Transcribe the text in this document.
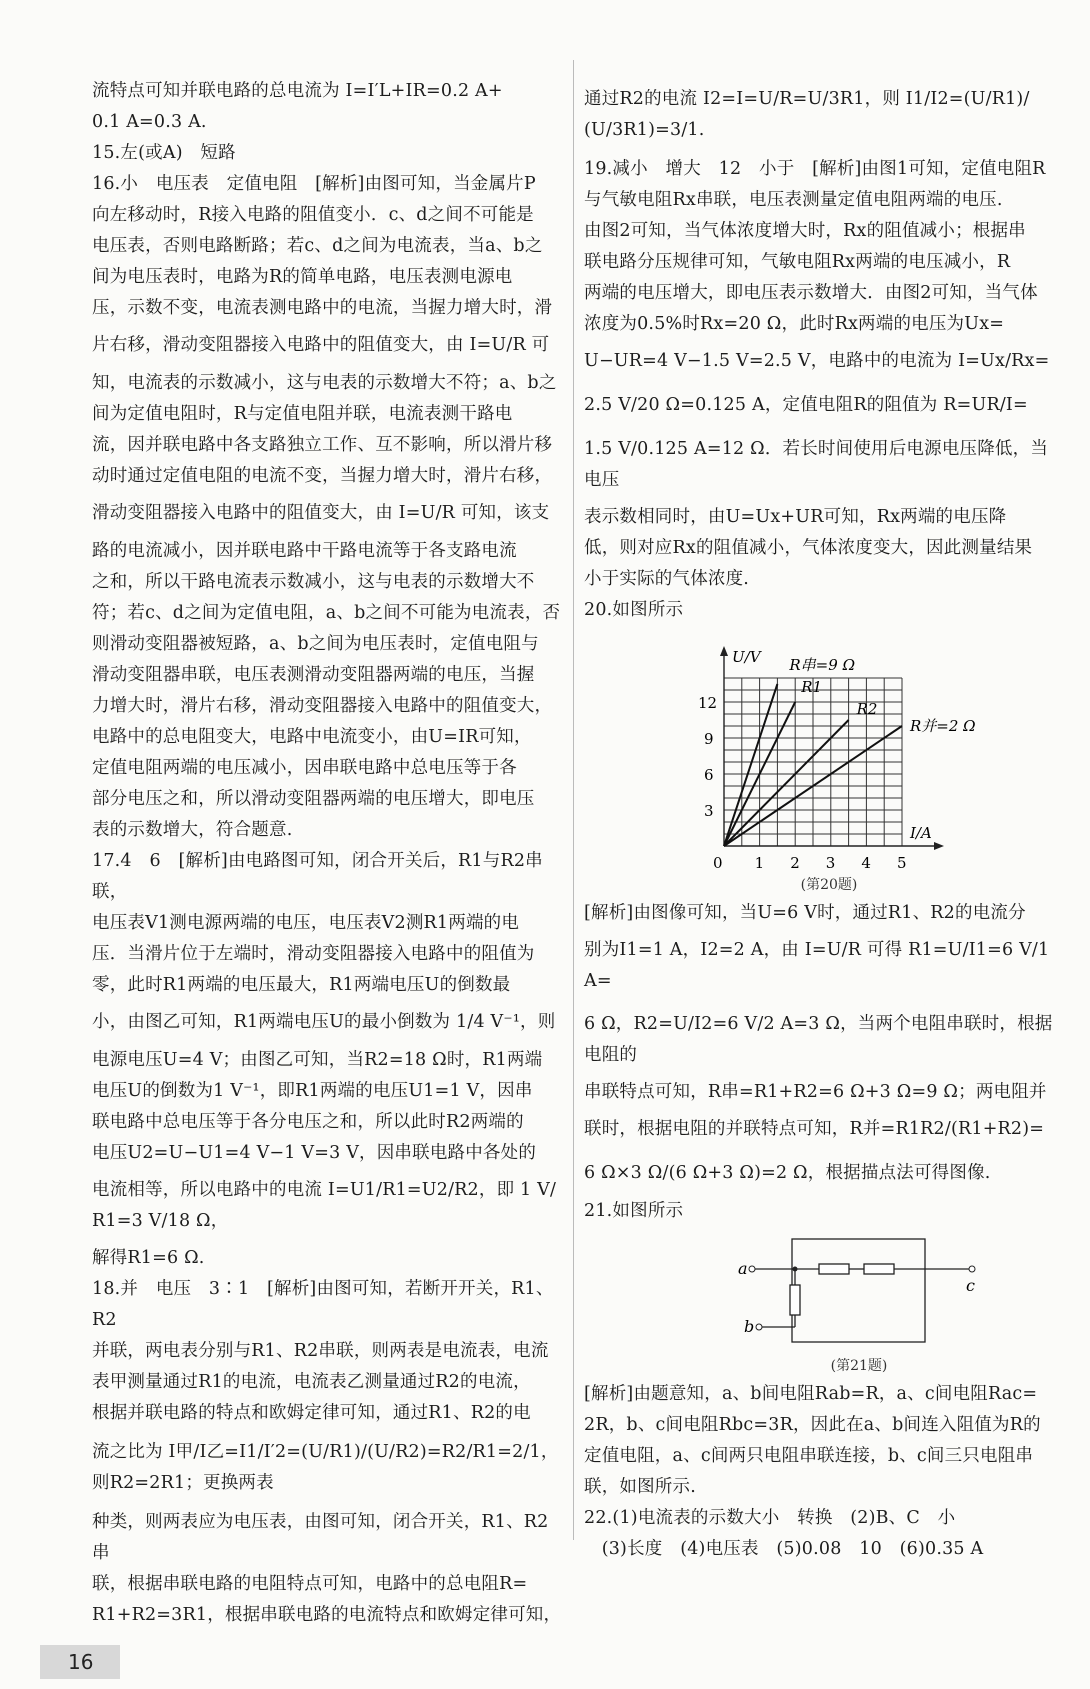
流特点可知并联电路的总电流为 I=I′L+IR=0.2 A+
0.1 A=0.3 A.
15.左(或A)　短路
16.小　电压表　定值电阻　[解析]由图可知，当金属片P
向左移动时，R接入电路的阻值变小．c、d之间不可能是
电压表，否则电路断路；若c、d之间为电流表，当a、b之
间为电压表时，电路为R的简单电路，电压表测电源电
压，示数不变，电流表测电路中的电流，当握力增大时，滑
片右移，滑动变阻器接入电路中的阻值变大，由 I=U/R 可
知，电流表的示数减小，这与电表的示数增大不符；a、b之
间为定值电阻时，R与定值电阻并联，电流表测干路电
流，因并联电路中各支路独立工作、互不影响，所以滑片移
动时通过定值电阻的电流不变，当握力增大时，滑片右移，
滑动变阻器接入电路中的阻值变大，由 I=U/R 可知，该支
路的电流减小，因并联电路中干路电流等于各支路电流
之和，所以干路电流表示数减小，这与电表的示数增大不
符；若c、d之间为定值电阻，a、b之间不可能为电流表，否
则滑动变阻器被短路，a、b之间为电压表时，定值电阻与
滑动变阻器串联，电压表测滑动变阻器两端的电压，当握
力增大时，滑片右移，滑动变阻器接入电路中的阻值变大，
电路中的总电阻变大，电路中电流变小，由U=IR可知，
定值电阻两端的电压减小，因串联电路中总电压等于各
部分电压之和，所以滑动变阻器两端的电压增大，即电压
表的示数增大，符合题意.
17.4　6　[解析]由电路图可知，闭合开关后，R1与R2串联，
电压表V1测电源两端的电压，电压表V2测R1两端的电
压．当滑片位于左端时，滑动变阻器接入电路中的阻值为
零，此时R1两端的电压最大，R1两端电压U的倒数最
小，由图乙可知，R1两端电压U的最小倒数为 1/4 V⁻¹，则
电源电压U=4 V；由图乙可知，当R2=18 Ω时，R1两端
电压U的倒数为1 V⁻¹，即R1两端的电压U1=1 V，因串
联电路中总电压等于各分电压之和，所以此时R2两端的
电压U2=U−U1=4 V−1 V=3 V，因串联电路中各处的
电流相等，所以电路中的电流 I=U1/R1=U2/R2，即 1 V/R1=3 V/18 Ω，
解得R1=6 Ω.
18.并　电压　3∶1　[解析]由图可知，若断开开关，R1、R2
并联，两电表分别与R1、R2串联，则两表是电流表，电流
表甲测量通过R1的电流，电流表乙测量通过R2的电流，
根据并联电路的特点和欧姆定律可知，通过R1、R2的电
流之比为 I甲/I乙=I1/I′2=(U/R1)/(U/R2)=R2/R1=2/1，则R2=2R1；更换两表
种类，则两表应为电压表，由图可知，闭合开关，R1、R2串
联，根据串联电路的电阻特点可知，电路中的总电阻R=
R1+R2=3R1，根据串联电路的电流特点和欧姆定律可知，
16
通过R2的电流 I2=I=U/R=U/3R1，则 I1/I2=(U/R1)/(U/3R1)=3/1.
19.减小　增大　12　小于　[解析]由图1可知，定值电阻R
与气敏电阻Rx串联，电压表测量定值电阻两端的电压.
由图2可知，当气体浓度增大时，Rx的阻值减小；根据串
联电路分压规律可知，气敏电阻Rx两端的电压减小，R
两端的电压增大，即电压表示数增大．由图2可知，当气体
浓度为0.5%时Rx=20 Ω，此时Rx两端的电压为Ux=
U−UR=4 V−1.5 V=2.5 V，电路中的电流为 I=Ux/Rx=
2.5 V/20 Ω=0.125 A，定值电阻R的阻值为 R=UR/I=
1.5 V/0.125 A=12 Ω．若长时间使用后电源电压降低，当电压
表示数相同时，由U=Ux+UR可知，Rx两端的电压降
低，则对应Rx的阻值减小，气体浓度变大，因此测量结果
小于实际的气体浓度.
20.如图所示
0 1 2 3 4 5
3
6
9
12
U/V
I/A
R串=9 Ω
R1
R2
R并=2 Ω
(第20题)
[解析]由图像可知，当U=6 V时，通过R1、R2的电流分
别为I1=1 A，I2=2 A，由 I=U/R 可得 R1=U/I1=6 V/1 A=
6 Ω，R2=U/I2=6 V/2 A=3 Ω，当两个电阻串联时，根据电阻的
串联特点可知，R串=R1+R2=6 Ω+3 Ω=9 Ω；两电阻并
联时，根据电阻的并联特点可知，R并=R1R2/(R1+R2)=
6 Ω×3 Ω/(6 Ω+3 Ω)=2 Ω，根据描点法可得图像.
21.如图所示
a
b
c
(第21题)
[解析]由题意知，a、b间电阻Rab=R，a、c间电阻Rac=
2R，b、c间电阻Rbc=3R，因此在a、b间连入阻值为R的
定值电阻，a、c间两只电阻串联连接，b、c间三只电阻串
联，如图所示.
22.(1)电流表的示数大小　转换　(2)B、C　小
　(3)长度　(4)电压表　(5)0.08　10　(6)0.35 A
